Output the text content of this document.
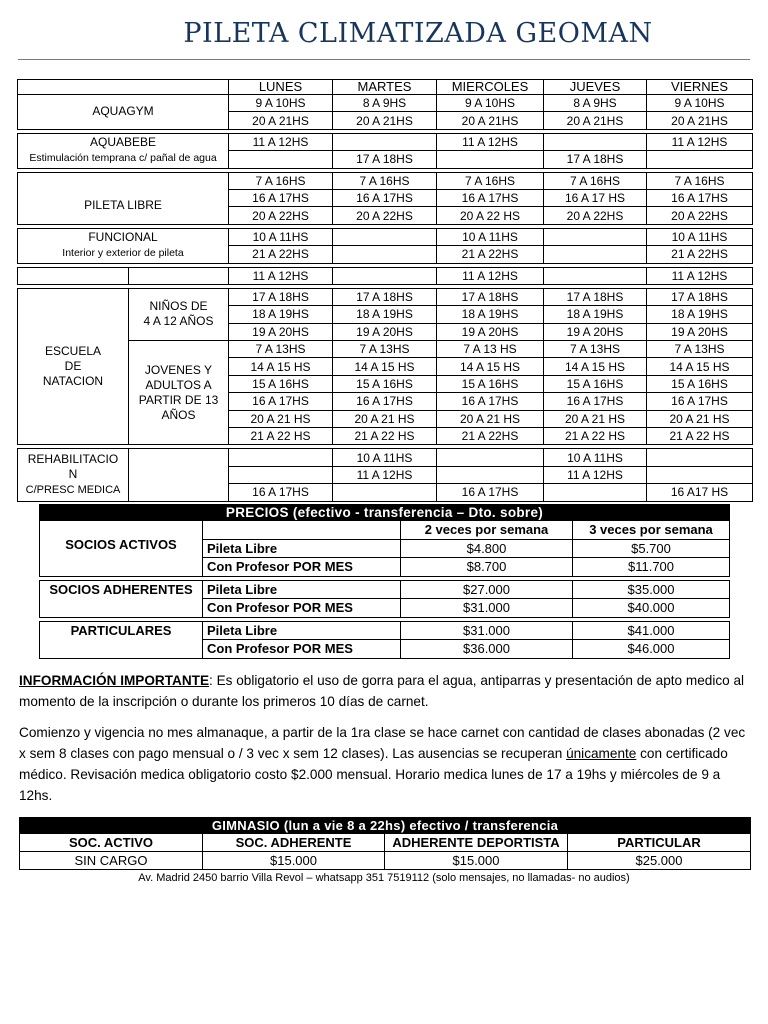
PILETA CLIMATIZADA GEOMAN
		LUNES	MARTES	MIERCOLES	JUEVES	VIERNES
AQUAGYM		9 A 10HS	8 A 9HS	9 A 10HS	8 A 9HS	9 A 10HS
		20 A 21HS	20 A 21HS	20 A 21HS	20 A 21HS	20 A 21HS

AQUABEBE
Estimulación temprana c/ pañal de agua		11 A 12HS		11 A 12HS		11 A 12HS
			17 A 18HS		17 A 18HS	

PILETA LIBRE		7 A 16HS	7 A 16HS	7 A 16HS	7 A 16HS	7 A 16HS
		16 A 17HS	16 A 17HS	16 A 17HS	16 A 17 HS	16 A 17HS
		20 A 22HS	20 A 22HS	20 A 22 HS	20 A 22HS	20 A 22HS

FUNCIONAL
Interior y exterior de pileta		10 A 11HS		10 A 11HS		10 A 11HS
		21 A 22HS		21 A 22HS		21 A 22HS

		11 A 12HS		11 A 12HS		11 A 12HS

ESCUELA
DE
NATACION	NIÑOS DE
4 A 12 AÑOS	17 A 18HS	17 A 18HS	17 A 18HS	17 A 18HS	17 A 18HS
		18 A 19HS	18 A 19HS	18 A 19HS	18 A 19HS	18 A 19HS
		19 A 20HS	19 A 20HS	19 A 20HS	19 A 20HS	19 A 20HS
	JOVENES Y
ADULTOS A
PARTIR DE 13
AÑOS	7 A 13HS	7 A 13HS	7 A 13 HS	7 A 13HS	7 A 13HS
		14 A 15 HS	14 A 15 HS	14 A 15 HS	14 A 15 HS	14 A 15 HS
		15 A 16HS	15 A 16HS	15 A 16HS	15 A 16HS	15 A 16HS
		16 A 17HS	16 A 17HS	16 A 17HS	16 A 17HS	16 A 17HS
		20 A 21 HS	20 A 21 HS	20 A 21 HS	20 A 21 HS	20 A 21 HS
		21 A 22 HS	21 A 22 HS	21 A 22HS	21 A 22 HS	21 A 22 HS

REHABILITACIO
N
C/PRESC MEDICA			10 A 11HS		10 A 11HS	
			11 A 12HS		11 A 12HS	
		16 A 17HS		16 A 17HS		16 A17 HS
PRECIOS (efectivo - transferencia – Dto. sobre)			

SOCIOS ACTIVOS		2 veces por semana	3 veces por semana
	Pileta Libre	$4.800	$5.700
	Con Profesor POR MES	$8.700	$11.700

SOCIOS ADHERENTES	Pileta Libre	$27.000	$35.000
	Con Profesor POR MES	$31.000	$40.000

PARTICULARES	Pileta Libre	$31.000	$41.000
	Con Profesor POR MES	$36.000	$46.000
INFORMACIÓN IMPORTANTE: Es obligatorio el uso de gorra para el agua, antiparras y presentación de apto medico al momento de la inscripción o durante los primeros 10 días de carnet.
Comienzo y vigencia no mes almanaque, a partir de la 1ra clase se hace carnet con cantidad de clases abonadas (2 vec x sem 8 clases con pago mensual o / 3 vec x sem 12 clases). Las ausencias se recuperan únicamente con certificado médico. Revisación medica obligatorio costo $2.000 mensual. Horario medica lunes de 17 a 19hs y miércoles de 9 a 12hs.
GIMNASIO (lun a vie 8 a 22hs) efectivo / transferencia			
SOC. ACTIVO	SOC. ADHERENTE	ADHERENTE DEPORTISTA	PARTICULAR
SIN CARGO	$15.000	$15.000	$25.000
Av. Madrid 2450 barrio Villa Revol – whatsapp 351 7519112 (solo mensajes, no llamadas- no audios)
